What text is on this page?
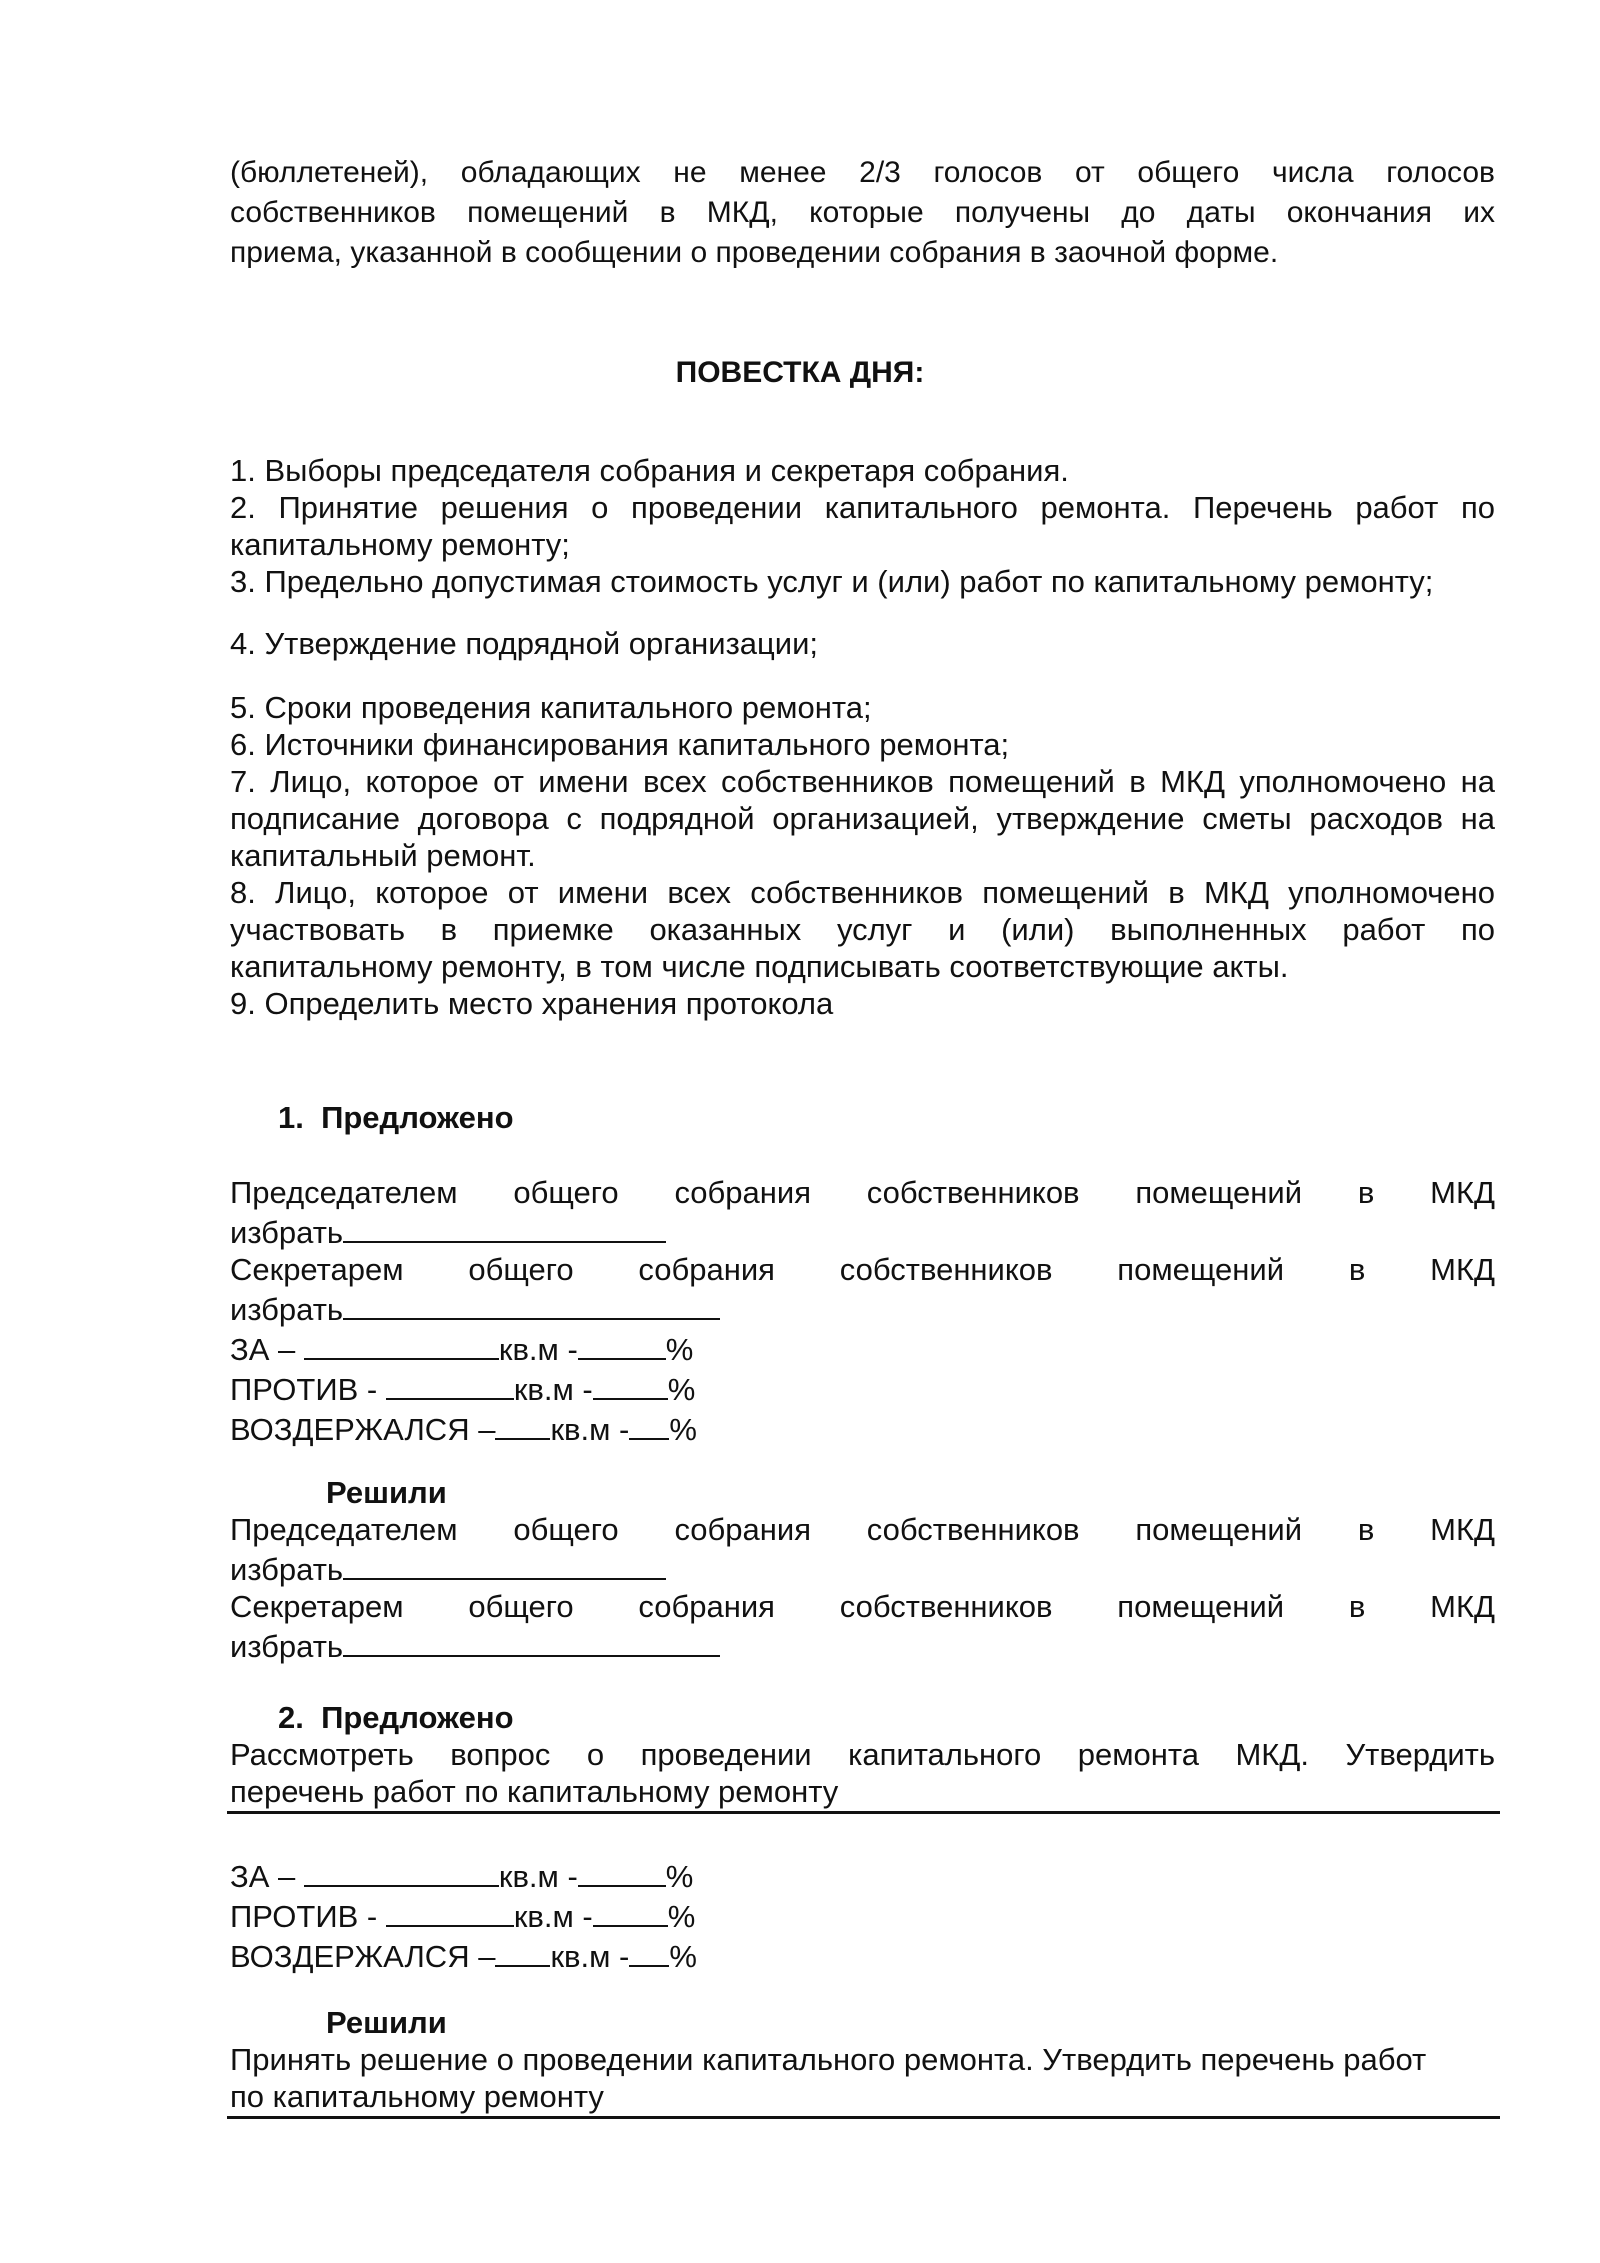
(бюллетеней), обладающих не менее 2/3 голосов от общего числа голосов
собственников помещений в МКД, которые получены до даты окончания их
приема, указанной в сообщении о проведении собрания в заочной форме.
ПОВЕСТКА ДНЯ:
1. Выборы председателя собрания и секретаря собрания.
2. Принятие решения о проведении капитального ремонта. Перечень работ по
капитальному ремонту;
3. Предельно допустимая стоимость услуг и (или) работ по капитальному ремонту;
4. Утверждение подрядной организации;
5. Сроки проведения капитального ремонта;
6. Источники финансирования капитального ремонта;
7. Лицо, которое от имени всех собственников помещений в МКД уполномочено на
подписание договора с подрядной организацией, утверждение сметы расходов на
капитальный ремонт.
8. Лицо, которое от имени всех собственников помещений в МКД уполномочено
участвовать в приемке оказанных услуг и (или) выполненных работ по
капитальному ремонту, в том числе подписывать соответствующие акты.
9. Определить место хранения протокола
1. Предложено
Председателем общего собрания собственников помещений в МКД
избрать
Секретарем общего собрания собственников помещений в МКД
избрать
ЗА –	кв.м -	%
ПРОТИВ -	кв.м - %
ВОЗДЕРЖАЛСЯ – кв.м - %
Решили
Председателем общего собрания собственников помещений в МКД
избрать
Секретарем общего собрания собственников помещений в МКД
избрать
2. Предложено
Рассмотреть вопрос о проведении капитального ремонта МКД. Утвердить
перечень работ по капитальному ремонту
ЗА –	кв.м -	%
ПРОТИВ -	кв.м - %
ВОЗДЕРЖАЛСЯ – кв.м - %
Решили
Принять решение о проведении капитального ремонта. Утвердить перечень работ
по капитальному ремонту
